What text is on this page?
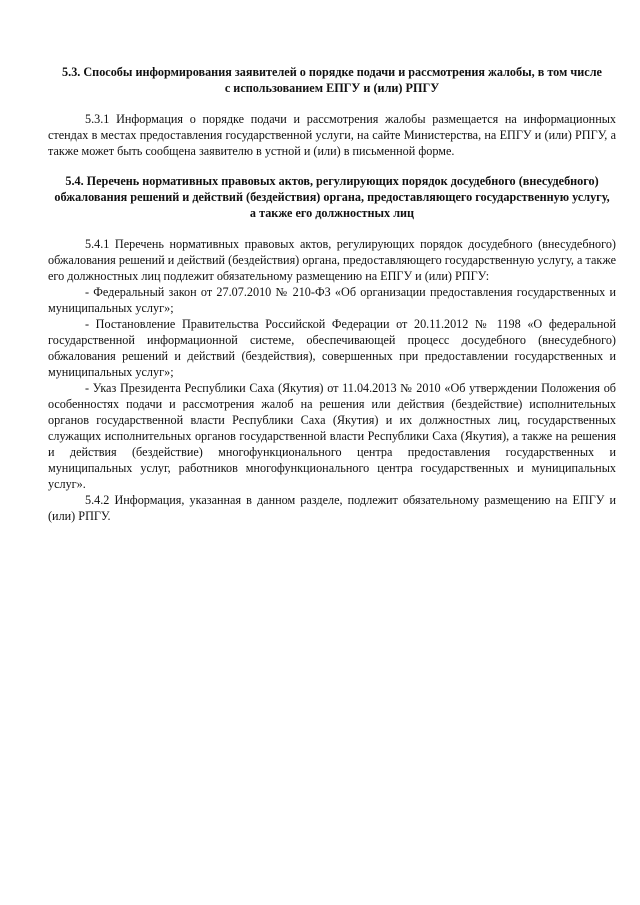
5.3. Способы информирования заявителей о порядке подачи и рассмотрения жалобы, в том числе с использованием ЕПГУ и (или) РПГУ

5.3.1 Информация о порядке подачи и рассмотрения жалобы размещается на информационных стендах в местах предоставления государственной услуги, на сайте Министерства, на ЕПГУ и (или) РПГУ, а также может быть сообщена заявителю в устной и (или) в письменной форме.

5.4. Перечень нормативных правовых актов, регулирующих порядок досудебного (внесудебного) обжалования решений и действий (бездействия) органа, предоставляющего государственную услугу, а также его должностных лиц

5.4.1 Перечень нормативных правовых актов, регулирующих порядок досудебного (внесудебного) обжалования решений и действий (бездействия) органа, предоставляющего государственную услугу, а также его должностных лиц подлежит обязательному размещению на ЕПГУ и (или) РПГУ:

- Федеральный закон от 27.07.2010 № 210-ФЗ «Об организации предоставления государственных и муниципальных услуг»;

- Постановление Правительства Российской Федерации от 20.11.2012 № 1198 «О федеральной государственной информационной системе, обеспечивающей процесс досудебного (внесудебного) обжалования решений и действий (бездействия), совершенных при предоставлении государственных и муниципальных услуг»;

- Указ Президента Республики Саха (Якутия) от 11.04.2013 № 2010 «Об утверждении Положения об особенностях подачи и рассмотрения жалоб на решения или действия (бездействие) исполнительных органов государственной власти Республики Саха (Якутия) и их должностных лиц, государственных служащих исполнительных органов государственной власти Республики Саха (Якутия), а также на решения и действия (бездействие) многофункционального центра предоставления государственных и муниципальных услуг, работников многофункционального центра государственных и муниципальных услуг».

5.4.2 Информация, указанная в данном разделе, подлежит обязательному размещению на ЕПГУ и (или) РПГУ.
